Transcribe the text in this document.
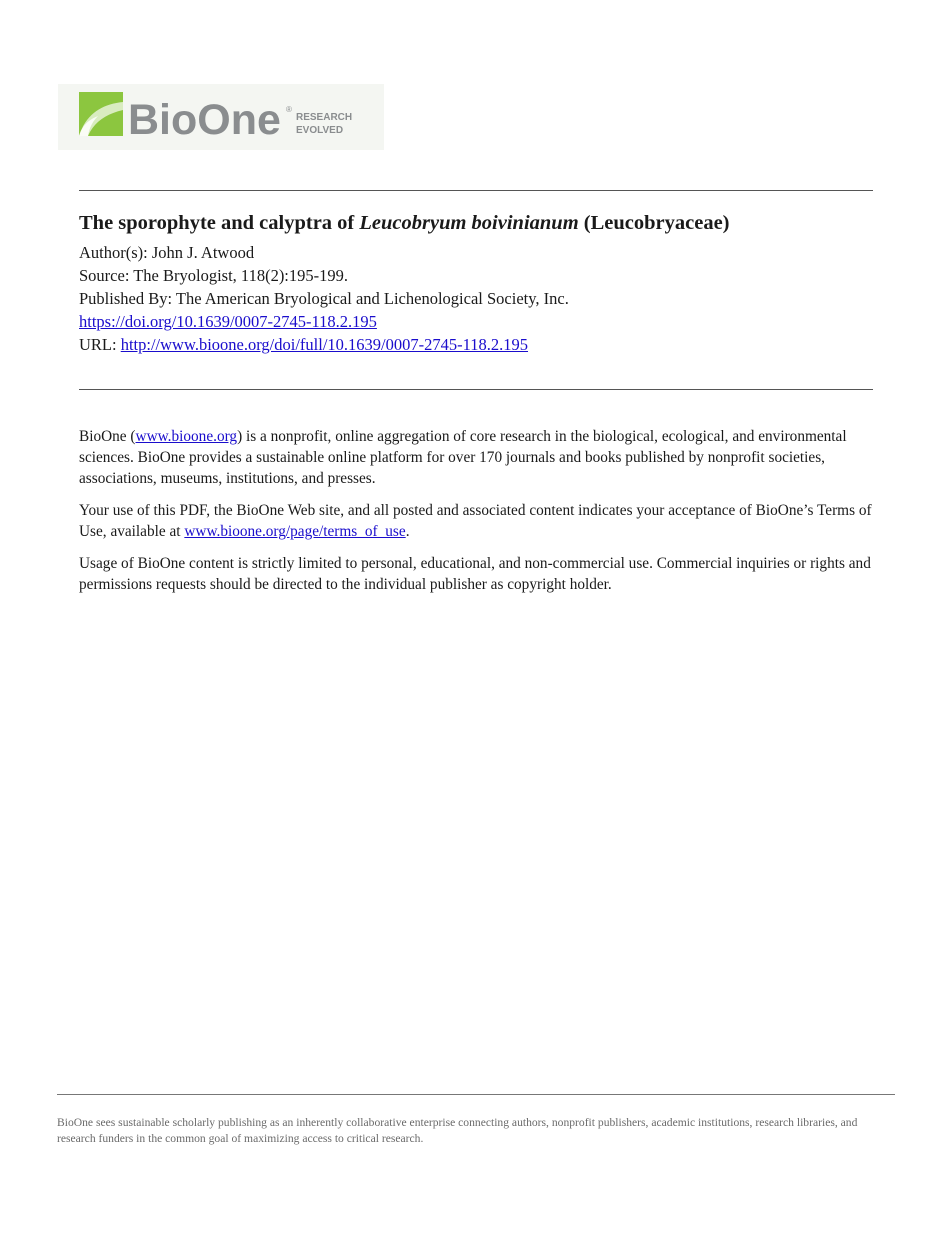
BioOne ®
RESEARCH
EVOLVED

The sporophyte and calyptra of Leucobryum boivinianum (Leucobryaceae)

Author(s): John J. Atwood

Source: The Bryologist, 118(2):195-199.

Published By: The American Bryological and Lichenological Society, Inc.

https://doi.org/10.1639/0007-2745-118.2.195

URL: http://www.bioone.org/doi/full/10.1639/0007-2745-118.2.195

BioOne (www.bioone.org) is a nonprofit, online aggregation of core research in the biological, ecological, and environmental sciences. BioOne provides a sustainable online platform for over 170 journals and books published by nonprofit societies, associations, museums, institutions, and presses.

Your use of this PDF, the BioOne Web site, and all posted and associated content indicates your acceptance of BioOne’s Terms of Use, available at www.bioone.org/page/terms_of_use.

Usage of BioOne content is strictly limited to personal, educational, and non-commercial use. Commercial inquiries or rights and permissions requests should be directed to the individual publisher as copyright holder.

BioOne sees sustainable scholarly publishing as an inherently collaborative enterprise connecting authors, nonprofit publishers, academic institutions, research libraries, and research funders in the common goal of maximizing access to critical research.
